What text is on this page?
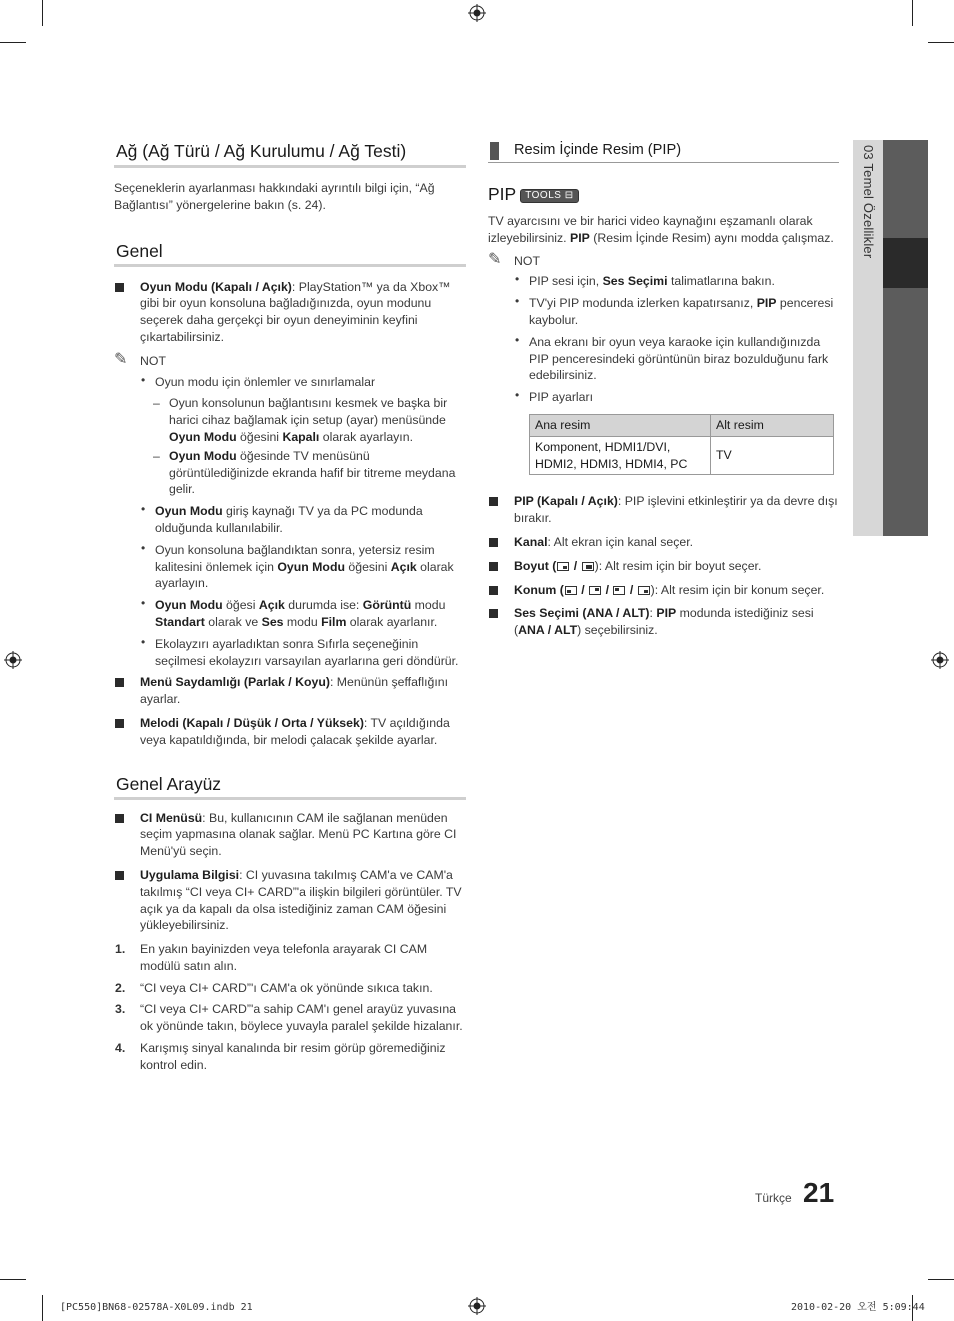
Ağ (Ağ Türü / Ağ Kurulumu / Ağ Testi)

Seçeneklerin ayarlanması hakkındaki ayrıntılı bilgi için, “Ağ Bağlantısı” yönergelerine bakın (s. 24).

Genel
Oyun Modu (Kapalı / Açık): PlayStation™ ya da Xbox™ gibi bir oyun konsoluna bağladığınızda, oyun modunu seçerek daha gerçekçi bir oyun deneyiminin keyfini çıkartabilirsiniz.
✎ NOT
• Oyun modu için önlemler ve sınırlamalar
– Oyun konsolunun bağlantısını kesmek ve başka bir harici cihaz bağlamak için setup (ayar) menüsünde Oyun Modu öğesini Kapalı olarak ayarlayın.
– Oyun Modu öğesinde TV menüsünü görüntülediğinizde ekranda hafif bir titreme meydana gelir.
• Oyun Modu giriş kaynağı TV ya da PC modunda olduğunda kullanılabilir.
• Oyun konsoluna bağlandıktan sonra, yetersiz resim kalitesini önlemek için Oyun Modu öğesini Açık olarak ayarlayın.
• Oyun Modu öğesi Açık durumda ise: Görüntü modu Standart olarak ve Ses modu Film olarak ayarlanır.
• Ekolayzırı ayarladıktan sonra Sıfırla seçeneğinin seçilmesi ekolayzırı varsayılan ayarlarına geri döndürür.
Menü Saydamlığı (Parlak / Koyu): Menünün şeffaflığını ayarlar.
Melodi (Kapalı / Düşük / Orta / Yüksek): TV açıldığında veya kapatıldığında, bir melodi çalacak şekilde ayarlar.
Genel Arayüz
CI Menüsü: Bu, kullanıcının CAM ile sağlanan menüden seçim yapmasına olanak sağlar. Menü PC Kartına göre CI Menü'yü seçin.
Uygulama Bilgisi: CI yuvasına takılmış CAM'a ve CAM'a takılmış “CI veya CI+ CARD”'a ilişkin bilgileri görüntüler. TV açık ya da kapalı da olsa istediğiniz zaman CAM öğesini yükleyebilirsiniz.
1. En yakın bayinizden veya telefonla arayarak CI CAM modülü satın alın.
2. “CI veya CI+ CARD”'ı CAM'a ok yönünde sıkıca takın.
3. “CI veya CI+ CARD”'a sahip CAM'ı genel arayüz yuvasına ok yönünde takın, böylece yuvayla paralel şekilde hizalanır.
4. Karışmış sinyal kanalında bir resim görüp göremediğiniz kontrol edin.
Resim İçinde Resim (PIP)
PIP TOOLS ⊟

TV ayarcısını ve bir harici video kaynağını eşzamanlı olarak izleyebilirsiniz. PIP (Resim İçinde Resim) aynı modda çalışmaz.

✎ NOT
• PIP sesi için, Ses Seçimi talimatlarına bakın.
• TV'yi PIP modunda izlerken kapatırsanız, PIP penceresi kaybolur.
• Ana ekranı bir oyun veya karaoke için kullandığınızda PIP penceresindeki görüntünün biraz bozulduğunu fark edebilirsiniz.
• PIP ayarları
Ana resim	Alt resim
Komponent, HDMI1/DVI, HDMI2, HDMI3, HDMI4, PC	TV
PIP (Kapalı / Açık): PIP işlevini etkinleştirir ya da devre dışı bırakır.
Kanal: Alt ekran için kanal seçer.
Boyut ( / ): Alt resim için bir boyut seçer.
Konum ( / / / ): Alt resim için bir konum seçer.
Ses Seçimi (ANA / ALT): PIP modunda istediğiniz sesi (ANA / ALT) seçebilirsiniz.
03 Temel Özellikler
Türkçe 21
[PC550]BN68-02578A-X0L09.indb 21	2010-02-20 오전 5:09:44
